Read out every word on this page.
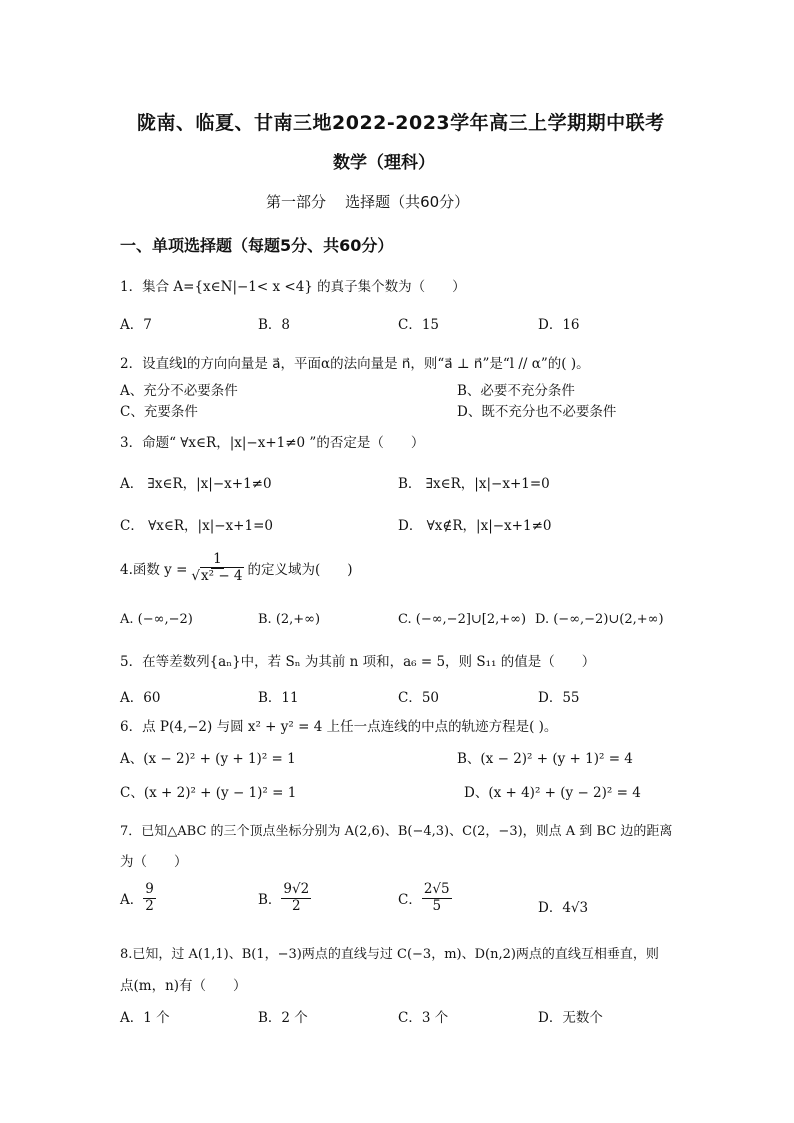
陇南、临夏、甘南三地2022-2023学年高三上学期期中联考
数学（理科）
第一部分    选择题（共60分）
一、单项选择题（每题5分、共60分）
1．集合 A={x∈N|−1< x <4} 的真子集个数为（　　）
A．7	B．8	C．15	D．16
2．设直线l的方向向量是 a⃗，平面α的法向量是 n⃗，则“a⃗ ⊥ n⃗”是“l // α”的( )。
A、充分不必要条件	B、必要不充分条件
C、充要条件	D、既不充分也不必要条件
3．命题“ ∀x∈R，|x|−x+1≠0 ”的否定是（　　）
A． ∃x∈R，|x|−x+1≠0	B． ∃x∈R，|x|−x+1=0
C． ∀x∈R，|x|−x+1=0	D． ∀x∉R，|x|−x+1≠0
4.函数 $y = \frac{1}{\text{√x² − 4}}$ 的定义域为(　　)
A. (−∞,−2)	B. (2,+∞)	C. (−∞,−2]∪[2,+∞) D. (−∞,−2)∪(2,+∞)
5．在等差数列{aₙ}中，若 Sₙ 为其前 n 项和，a₆ = 5，则 S₁₁ 的值是（　　）
A．60	B．11	C．50	D．55
6．点 P(4,−2) 与圆 x² + y² = 4 上任一点连线的中点的轨迹方程是( )。
A、(x − 2)² + (y + 1)² = 1	B、(x − 2)² + (y + 1)² = 4
C、(x + 2)² + (y − 1)² = 1	D、(x + 4)² + (y − 2)² = 4
7．已知△ABC 的三个顶点坐标分别为 A(2,6)、B(−4,3)、C(2，−3)，则点 A 到 BC 边的距离
为（　　）
A． $\frac{9}{2}$	B． $\frac{9√2}{2}$	C． $\frac{2√5}{5}$	D．4√3
8.已知，过 A(1,1)、B(1，−3)两点的直线与过 C(−3，m)、D(n,2)两点的直线互相垂直，则
点(m，n)有（　　）
A．1 个	B．2 个	C．3 个	D．无数个
